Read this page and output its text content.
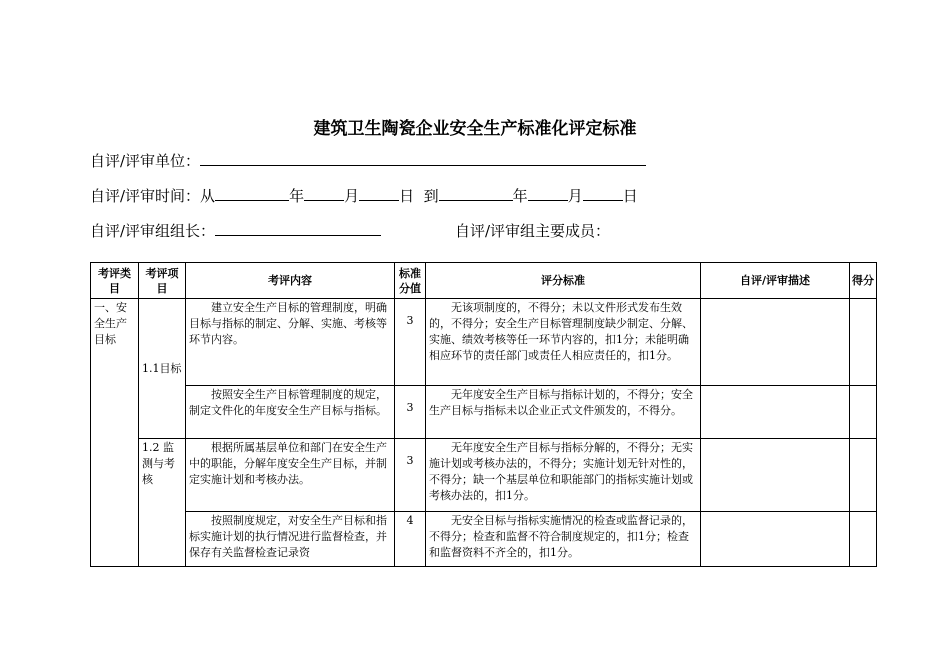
建筑卫生陶瓷企业安全生产标准化评定标准
自评/评审单位：
自评/评审时间：从	年	月	日 到	年	月	日
自评/评审组组长：	自评/评审组主要成员：
考评类目	考评项目	考评内容	标准分值	评分标准	自评/评审描述	得分
一、安全生产目标	1.1目标	建立安全生产目标的管理制度，明确目标与指标的制定、分解、实施、考核等环节内容。	3	无该项制度的，不得分；未以文件形式发布生效的，不得分；安全生产目标管理制度缺少制定、分解、实施、绩效考核等任一环节内容的，扣1分；未能明确相应环节的责任部门或责任人相应责任的，扣1分。		
		按照安全生产目标管理制度的规定，制定文件化的年度安全生产目标与指标。	3	无年度安全生产目标与指标计划的，不得分；安全生产目标与指标未以企业正式文件颁发的，不得分。		
	1.2 监测与考核	根据所属基层单位和部门在安全生产中的职能，分解年度安全生产目标，并制定实施计划和考核办法。	3	无年度安全生产目标与指标分解的，不得分；无实施计划或考核办法的，不得分；实施计划无针对性的，不得分；缺一个基层单位和职能部门的指标实施计划或考核办法的，扣1分。		

		按照制度规定，对安全生产目标和指标实施计划的执行情况进行监督检查，并保存有关监督检查记录资	4	无安全目标与指标实施情况的检查或监督记录的，不得分；检查和监督不符合制度规定的，扣1分；检查和监督资料不齐全的，扣1分。		
